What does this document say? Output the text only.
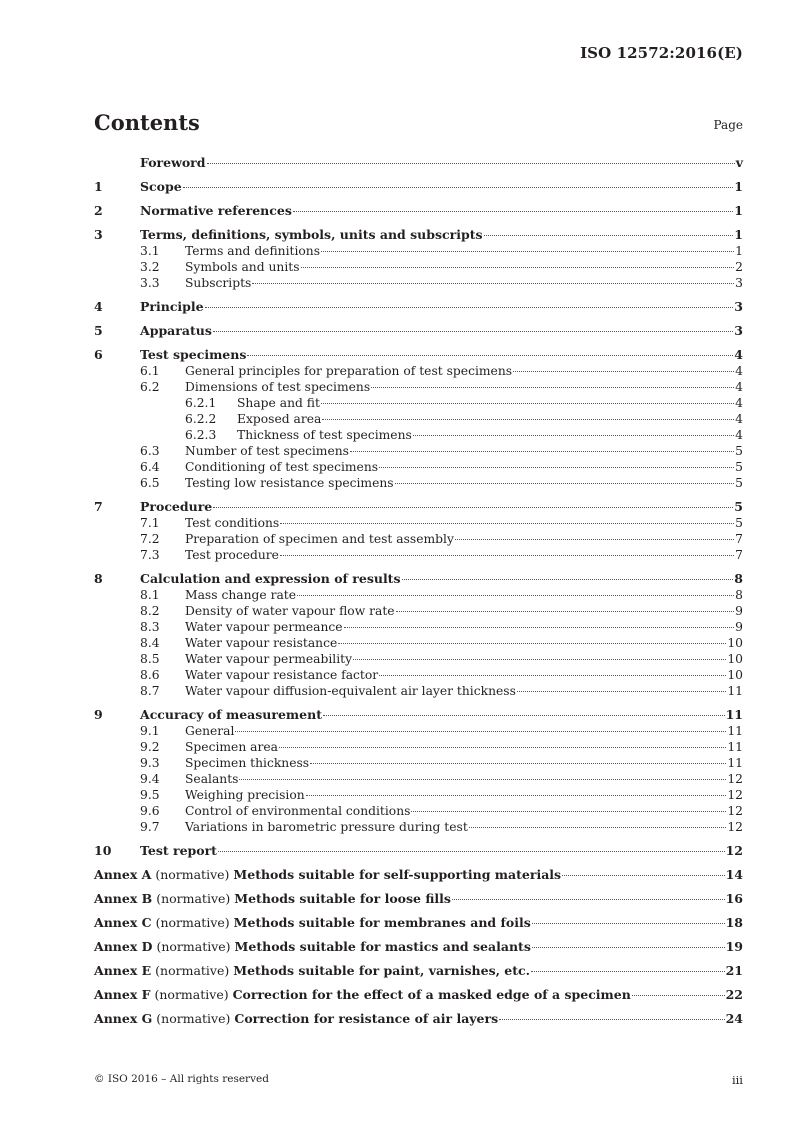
ISO 12572:2016(E)
Contents	Page
Foreword	v
1	Scope	1
2	Normative references	1
3	Terms, definitions, symbols, units and subscripts	1
3.1	Terms and definitions	1
3.2	Symbols and units	2
3.3	Subscripts	3
4	Principle	3
5	Apparatus	3
6	Test specimens	4
6.1	General principles for preparation of test specimens	4
6.2	Dimensions of test specimens	4
6.2.1	Shape and fit	4
6.2.2	Exposed area	4
6.2.3	Thickness of test specimens	4
6.3	Number of test specimens	5
6.4	Conditioning of test specimens	5
6.5	Testing low resistance specimens	5
7	Procedure	5
7.1	Test conditions	5
7.2	Preparation of specimen and test assembly	7
7.3	Test procedure	7
8	Calculation and expression of results	8
8.1	Mass change rate	8
8.2	Density of water vapour flow rate	9
8.3	Water vapour permeance	9
8.4	Water vapour resistance	10
8.5	Water vapour permeability	10
8.6	Water vapour resistance factor	10
8.7	Water vapour diffusion-equivalent air layer thickness	11
9	Accuracy of measurement	11
9.1	General	11
9.2	Specimen area	11
9.3	Specimen thickness	11
9.4	Sealants	12
9.5	Weighing precision	12
9.6	Control of environmental conditions	12
9.7	Variations in barometric pressure during test	12
10	Test report	12
Annex A (normative) Methods suitable for self-supporting materials	14
Annex B (normative) Methods suitable for loose fills	16
Annex C (normative) Methods suitable for membranes and foils	18
Annex D (normative) Methods suitable for mastics and sealants	19
Annex E (normative) Methods suitable for paint, varnishes, etc.	21
Annex F (normative) Correction for the effect of a masked edge of a specimen	22
Annex G (normative) Correction for resistance of air layers	24
© ISO 2016 – All rights reserved	iii
